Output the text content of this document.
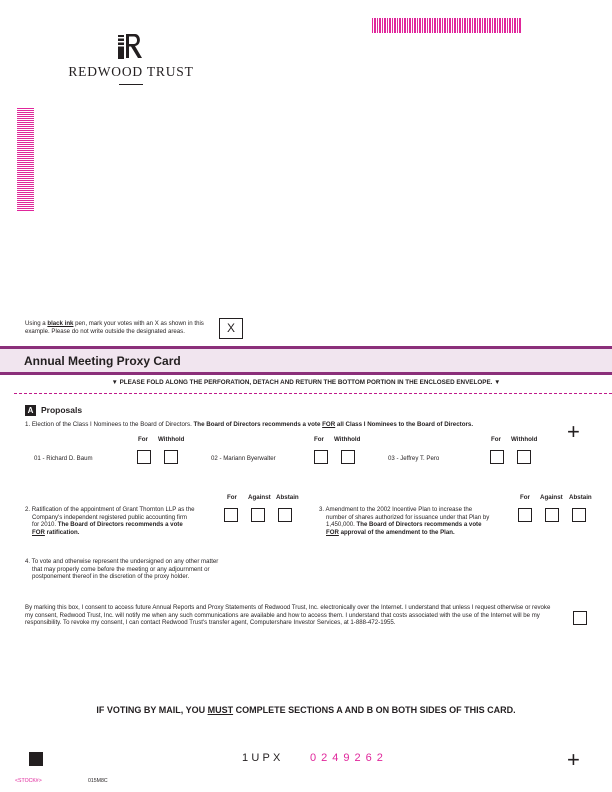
REDWOOD TRUST
Using a black ink pen, mark your votes with an X as shown in this example. Please do not write outside the designated areas.	X
Annual Meeting Proxy Card
▼ PLEASE FOLD ALONG THE PERFORATION, DETACH AND RETURN THE BOTTOM PORTION IN THE ENCLOSED ENVELOPE. ▼
A Proposals
1. Election of the Class I Nominees to the Board of Directors. The Board of Directors recommends a vote FOR all Class I Nominees to the Board of Directors.	+
For Withhold	For Withhold	For Withhold
01 - Richard D. Baum	02 - Mariann Byerwalter	03 - Jeffrey T. Pero
For Against Abstain
2. Ratification of the appointment of Grant Thornton LLP as the
Company's independent registered public accounting firm
for 2010. The Board of Directors recommends a vote
FOR ratification.
For Against Abstain
3. Amendment to the 2002 Incentive Plan to increase the
number of shares authorized for issuance under that Plan by
1,450,000. The Board of Directors recommends a vote
FOR approval of the amendment to the Plan.
4. To vote and otherwise represent the undersigned on any other matter
that may properly come before the meeting or any adjournment or
postponement thereof in the discretion of the proxy holder.
By marking this box, I consent to access future Annual Reports and Proxy Statements of Redwood Trust, Inc. electronically over the Internet. I understand that unless I request otherwise or revoke my consent, Redwood Trust, Inc. will notify me when any such communications are available and how to access them. I understand that costs associated with the use of the Internet will be my responsibility. To revoke my consent, I can contact Redwood Trust's transfer agent, Computershare Investor Services, at 1-888-472-1955.
IF VOTING BY MAIL, YOU MUST COMPLETE SECTIONS A AND B ON BOTH SIDES OF THIS CARD.
1UPX 0249262	+
<STOCK#>	015M8C
